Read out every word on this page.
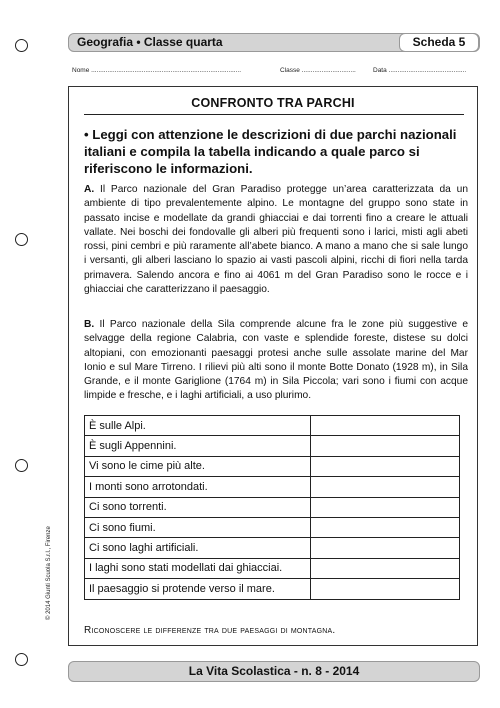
Geografia • Classe quarta	Scheda 5
Nome ...................................................................................	Classe ..............................	Data ...........................................
CONFRONTO TRA PARCHI
• Leggi con attenzione le descrizioni di due parchi nazionali italiani e compila la tabella indicando a quale parco si riferiscono le informazioni.
A. Il Parco nazionale del Gran Paradiso protegge un’area caratterizzata da un ambiente di tipo prevalentemente alpino. Le montagne del gruppo sono state in passato incise e modellate da grandi ghiacciai e dai torrenti fino a creare le attuali vallate. Nei boschi dei fondovalle gli alberi più frequenti sono i larici, misti agli abeti rossi, pini cembri e più raramente all’abete bianco. A mano a mano che si sale lungo i versanti, gli alberi lasciano lo spazio ai vasti pascoli alpini, ricchi di fiori nella tarda primavera. Salendo ancora e fino ai 4061 m del Gran Paradiso sono le rocce e i ghiacciai che caratterizzano il paesaggio.
B. Il Parco nazionale della Sila comprende alcune fra le zone più suggestive e selvagge della regione Calabria, con vaste e splendide foreste, distese su dolci altopiani, con emozionanti paesaggi protesi anche sulle assolate marine del Mar Ionio e sul Mare Tirreno. I rilievi più alti sono il monte Botte Donato (1928 m), in Sila Grande, e il monte Gariglione (1764 m) in Sila Piccola; vari sono i fiumi con acque limpide e fresche, e i laghi artificiali, a uso plurimo.
È sulle Alpi.	
È sugli Appennini.	
Vi sono le cime più alte.	
I monti sono arrotondati.	
Ci sono torrenti.	
Ci sono fiumi.	
Ci sono laghi artificiali.	
I laghi sono stati modellati dai ghiacciai.	
Il paesaggio si protende verso il mare.	
Riconoscere le differenze tra due paesaggi di montagna.
© 2014 Giunti Scuola S.r.l., Firenze
La Vita Scolastica - n. 8 - 2014
